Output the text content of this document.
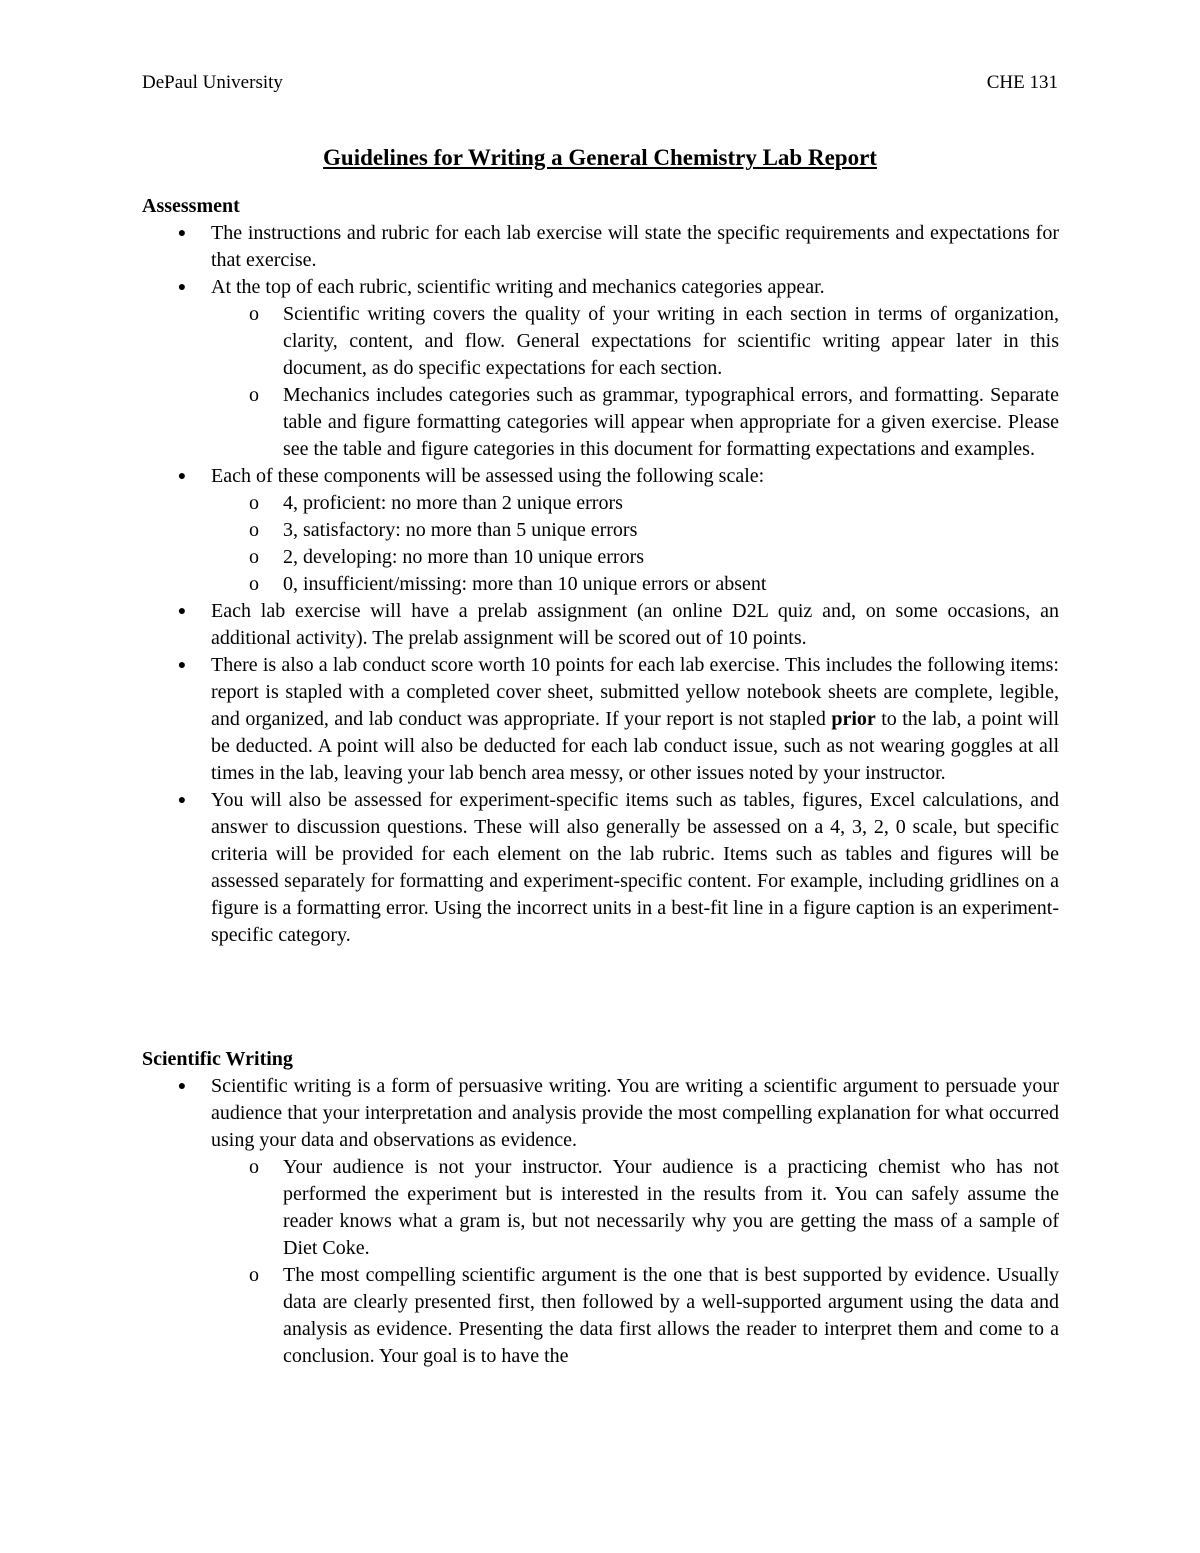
DePaul University	CHE 131
Guidelines for Writing a General Chemistry Lab Report

Assessment

● The instructions and rubric for each lab exercise will state the specific requirements and expectations for that exercise.
● At the top of each rubric, scientific writing and mechanics categories appear.
o Scientific writing covers the quality of your writing in each section in terms of organization, clarity, content, and flow. General expectations for scientific writing appear later in this document, as do specific expectations for each section.
o Mechanics includes categories such as grammar, typographical errors, and formatting. Separate table and figure formatting categories will appear when appropriate for a given exercise. Please see the table and figure categories in this document for formatting expectations and examples.
● Each of these components will be assessed using the following scale:
o 4, proficient: no more than 2 unique errors
o 3, satisfactory: no more than 5 unique errors
o 2, developing: no more than 10 unique errors
o 0, insufficient/missing: more than 10 unique errors or absent
● Each lab exercise will have a prelab assignment (an online D2L quiz and, on some occasions, an additional activity). The prelab assignment will be scored out of 10 points.
● There is also a lab conduct score worth 10 points for each lab exercise. This includes the following items: report is stapled with a completed cover sheet, submitted yellow notebook sheets are complete, legible, and organized, and lab conduct was appropriate. If your report is not stapled prior to the lab, a point will be deducted. A point will also be deducted for each lab conduct issue, such as not wearing goggles at all times in the lab, leaving your lab bench area messy, or other issues noted by your instructor.
● You will also be assessed for experiment-specific items such as tables, figures, Excel calculations, and answer to discussion questions. These will also generally be assessed on a 4, 3, 2, 0 scale, but specific criteria will be provided for each element on the lab rubric. Items such as tables and figures will be assessed separately for formatting and experiment-specific content. For example, including gridlines on a figure is a formatting error. Using the incorrect units in a best-fit line in a figure caption is an experiment-specific category.

Scientific Writing

● Scientific writing is a form of persuasive writing. You are writing a scientific argument to persuade your audience that your interpretation and analysis provide the most compelling explanation for what occurred using your data and observations as evidence.
o Your audience is not your instructor. Your audience is a practicing chemist who has not performed the experiment but is interested in the results from it. You can safely assume the reader knows what a gram is, but not necessarily why you are getting the mass of a sample of Diet Coke.
o The most compelling scientific argument is the one that is best supported by evidence. Usually data are clearly presented first, then followed by a well-supported argument using the data and analysis as evidence. Presenting the data first allows the reader to interpret them and come to a conclusion. Your goal is to have the
